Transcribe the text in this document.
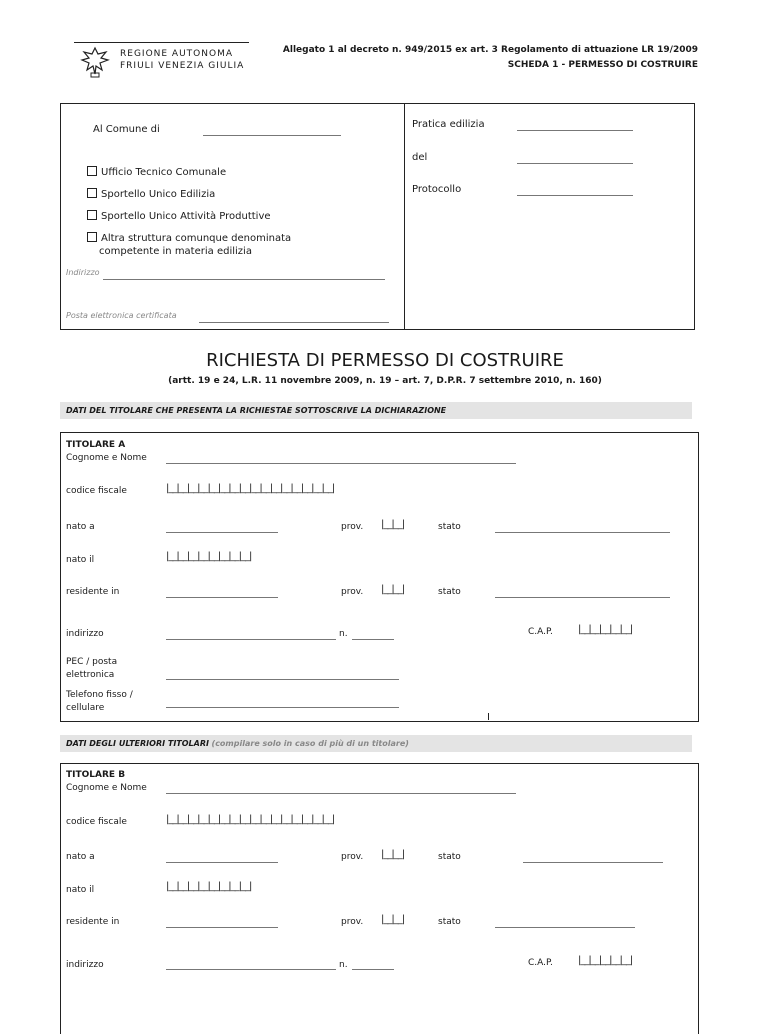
REGIONE AUTONOMA
FRIULI VENEZIA GIULIA
Allegato 1 al decreto n. 949/2015 ex art. 3 Regolamento di attuazione LR 19/2009
SCHEDA 1 - PERMESSO DI COSTRUIRE
Al Comune di
Ufficio Tecnico Comunale
Sportello Unico Edilizia
Sportello Unico Attività Produttive
Altra struttura comunque denominata
competente in materia edilizia
Indirizzo
Posta elettronica certificata
Pratica edilizia
del
Protocollo
RICHIESTA DI PERMESSO DI COSTRUIRE
(artt. 19 e 24, L.R. 11 novembre 2009, n. 19 – art. 7, D.P.R. 7 settembre 2010, n. 160)
DATI DEL TITOLARE CHE PRESENTA LA RICHIESTAE SOTTOSCRIVE LA DICHIARAZIONE
TITOLARE A
Cognome e Nome
codice fiscale	|__|__|__|__|__|__|__|__|__|__|__|__|__|__|__|__|
nato a	prov. |__|__|	stato
nato il	|__|__|__|__|__|__|__|__|
residente in	prov. |__|__|	stato
indirizzo	n.	C.A.P.	|__|__|__|__|__|
PEC / posta
elettronica
Telefono fisso /
cellulare
DATI DEGLI ULTERIORI TITOLARI (compilare solo in caso di più di un titolare)
TITOLARE B
Cognome e Nome
codice fiscale	|__|__|__|__|__|__|__|__|__|__|__|__|__|__|__|__|
nato a	prov. |__|__|	stato
nato il	|__|__|__|__|__|__|__|__|
residente in	prov. |__|__|	stato
indirizzo	n.	C.A.P.	|__|__|__|__|__|
